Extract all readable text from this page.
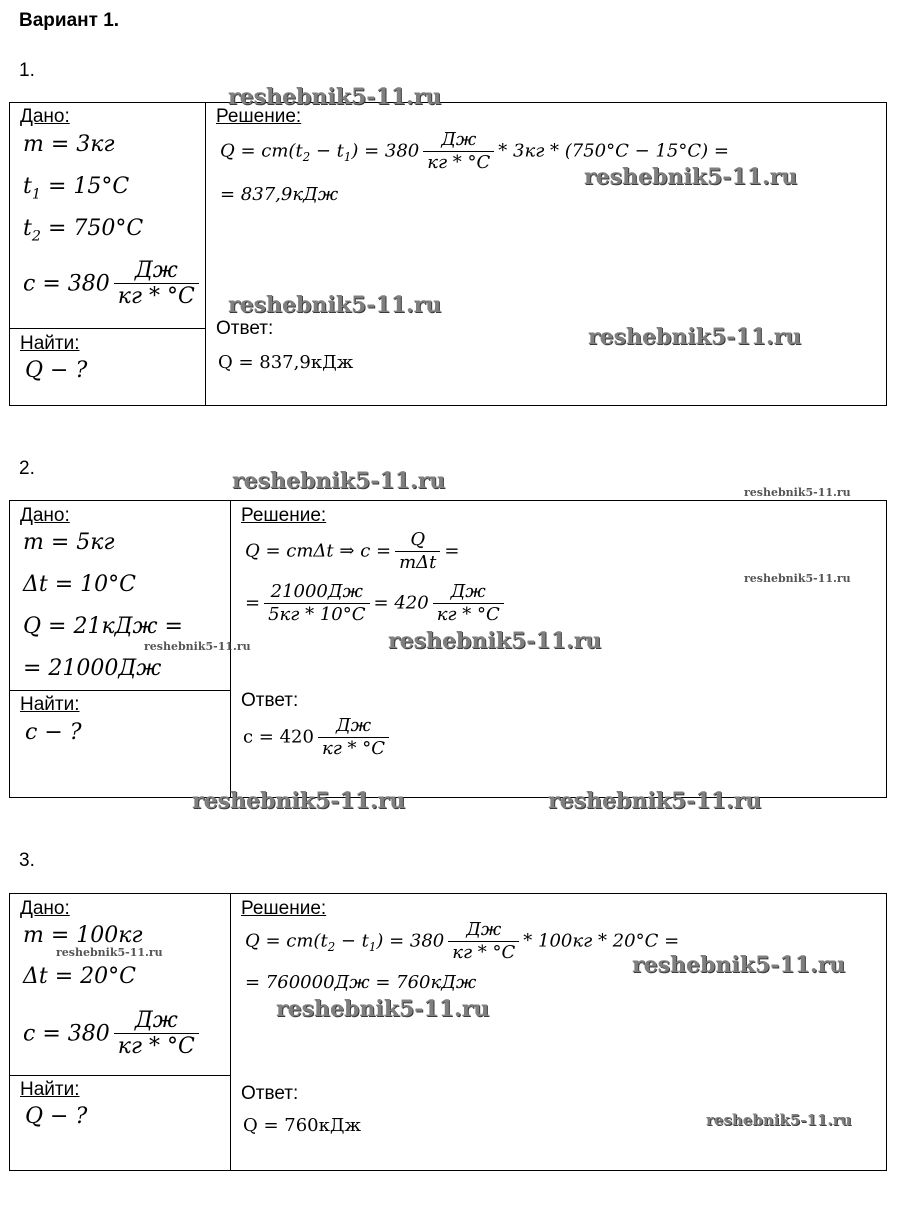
Вариант 1.
1.
Дано:
m = 3кг
$t_1 = 15^\circ C$
$t_2 = 750^\circ C$
$c = 380 \frac{Дж}{кг * ^\circ C}$
Найти:
Q − ?
Решение:
$Q = cm(t_2 - t_1) = 380 \frac{Дж}{кг * ^\circ C} * 3кг * (750^\circ C - 15^\circ C)$ =
= 837,9кДж
Ответ:
Q = 837,9кДж
reshebnik5-11.ru
reshebnik5-11.ru
reshebnik5-11.ru
reshebnik5-11.ru
2.
Дано:
m = 5кг
Δt = 10°C
Q = 21кДж =
= 21000Дж
Найти:
c − ?
Решение:
Q = cmΔt ⇒ $c = \frac{Q}{\text{mΔt}}$ =
= $\frac{21000Дж}{5кг * 10^\circ C} = 420 \frac{Дж}{кг * ^\circ C}$
Ответ:
$c = 420 \frac{Дж}{кг * ^\circ C}$
reshebnik5-11.ru	reshebnik5-11.ru
reshebnik5-11.ru
reshebnik5-11.ru
reshebnik5-11.ru
reshebnik5-11.ru	reshebnik5-11.ru
3.
Дано:
m = 100кг
Δt = 20°C
$c = 380 \frac{Дж}{кг * ^\circ C}$
Найти:
Q − ?
Решение:
$Q = cm(t_2 - t_1) = 380 \frac{Дж}{кг * ^\circ C} * 100кг * 20^\circ C$ =
= 760000Дж = 760кДж
Ответ:
Q = 760кДж
reshebnik5-11.ru	reshebnik5-11.ru
reshebnik5-11.ru
reshebnik5-11.ru
